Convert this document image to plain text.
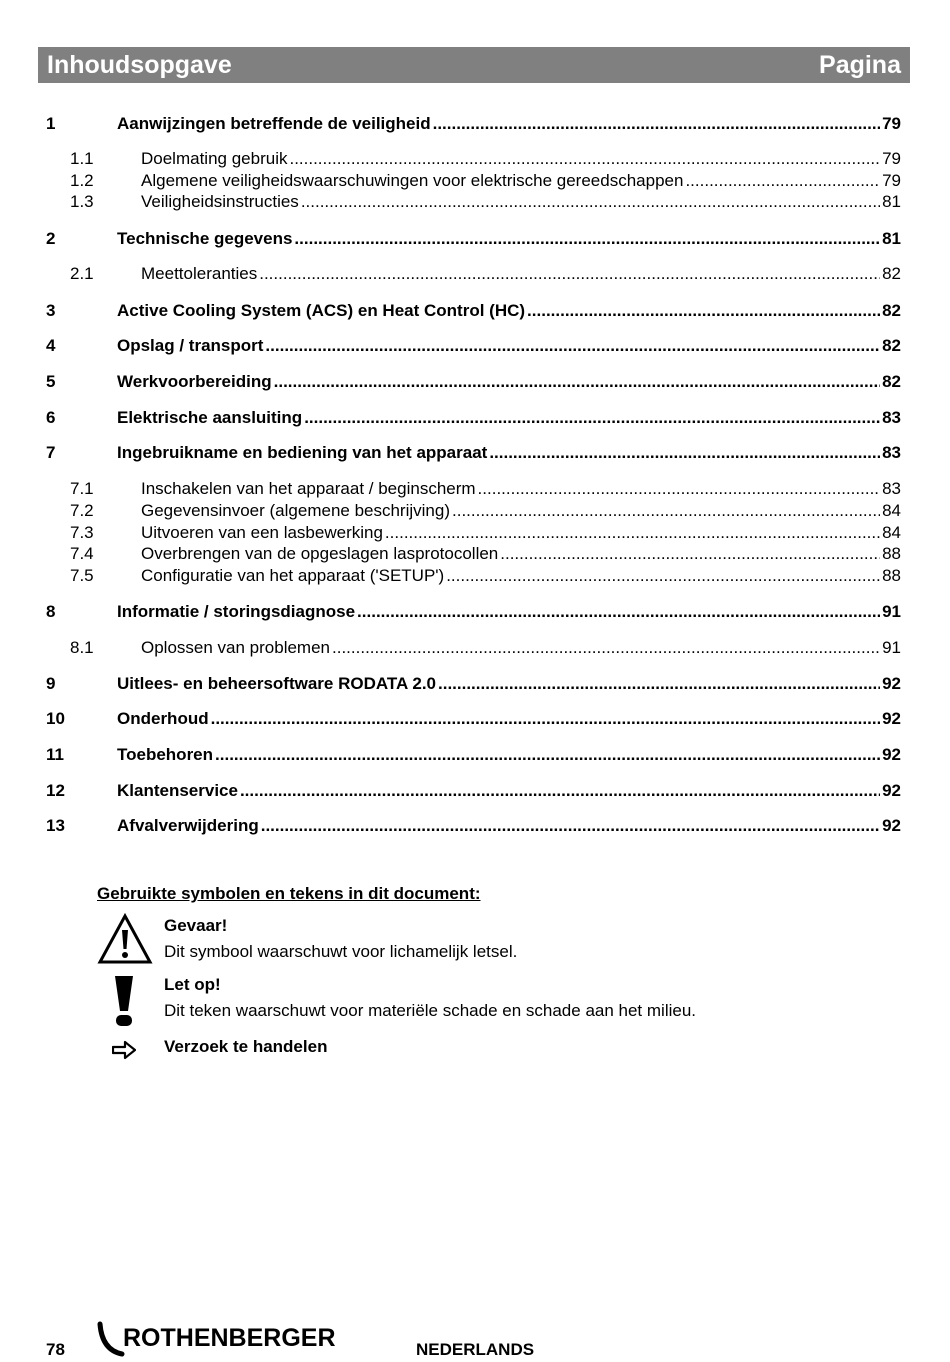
Inhoudsopgave	Pagina
1	Aanwijzingen betreffende de veiligheid .....	79
1.1	Doelmating gebruik .....	79
1.2	Algemene veiligheidswaarschuwingen voor elektrische gereedschappen .....	79
1.3	Veiligheidsinstructies .....	81
2	Technische gegevens .....	81
2.1	Meettoleranties .....	82
3	Active Cooling System (ACS) en Heat Control (HC) .....	82
4	Opslag / transport .....	82
5	Werkvoorbereiding .....	82
6	Elektrische aansluiting .....	83
7	Ingebruikname en bediening van het apparaat .....	83
7.1	Inschakelen van het apparaat / beginscherm .....	83
7.2	Gegevensinvoer (algemene beschrijving) .....	84
7.3	Uitvoeren van een lasbewerking .....	84
7.4	Overbrengen van de opgeslagen lasprotocollen .....	88
7.5	Configuratie van het apparaat ('SETUP') .....	88
8	Informatie / storingsdiagnose .....	91
8.1	Oplossen van problemen .....	91
9	Uitlees- en beheersoftware RODATA 2.0 .....	92
10	Onderhoud .....	92
11	Toebehoren .....	92
12	Klantenservice .....	92
13	Afvalverwijdering .....	92
Gebruikte symbolen en tekens in dit document:
Gevaar!
Dit symbool waarschuwt voor lichamelijk letsel.
Let op!
Dit teken waarschuwt voor materiële schade en schade aan het milieu.
Verzoek te handelen
78 ROTHENBERGER	NEDERLANDS
